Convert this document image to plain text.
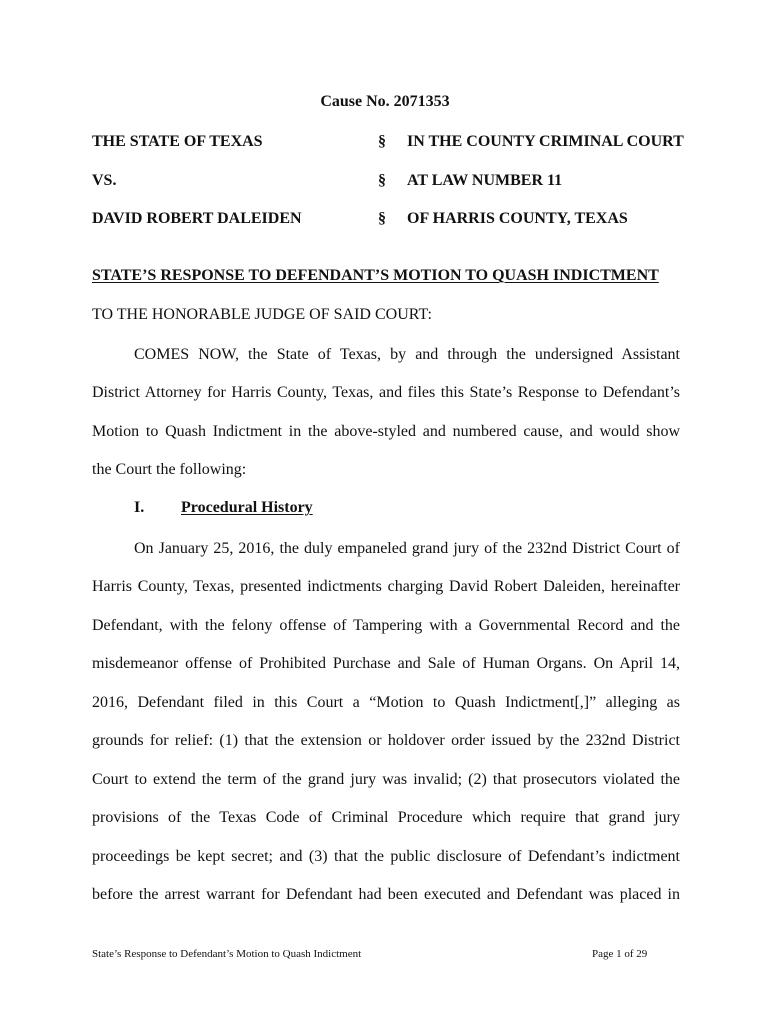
Cause No. 2071353
THE STATE OF TEXAS	§ IN THE COUNTY CRIMINAL COURT
VS.	§ AT LAW NUMBER 11
DAVID ROBERT DALEIDEN	§ OF HARRIS COUNTY, TEXAS
STATE’S RESPONSE TO DEFENDANT’S MOTION TO QUASH INDICTMENT
TO THE HONORABLE JUDGE OF SAID COURT:
COMES NOW, the State of Texas, by and through the undersigned Assistant
District Attorney for Harris County, Texas, and files this State’s Response to Defendant’s
Motion to Quash Indictment in the above-styled and numbered cause, and would show
the Court the following:
I. Procedural History
On January 25, 2016, the duly empaneled grand jury of the 232nd District Court of
Harris County, Texas, presented indictments charging David Robert Daleiden, hereinafter
Defendant, with the felony offense of Tampering with a Governmental Record and the
misdemeanor offense of Prohibited Purchase and Sale of Human Organs. On April 14,
2016, Defendant filed in this Court a “Motion to Quash Indictment[,]” alleging as
grounds for relief: (1) that the extension or holdover order issued by the 232nd District
Court to extend the term of the grand jury was invalid; (2) that prosecutors violated the
provisions of the Texas Code of Criminal Procedure which require that grand jury
proceedings be kept secret; and (3) that the public disclosure of Defendant’s indictment
before the arrest warrant for Defendant had been executed and Defendant was placed in
State’s Response to Defendant’s Motion to Quash Indictment	Page 1 of 29
